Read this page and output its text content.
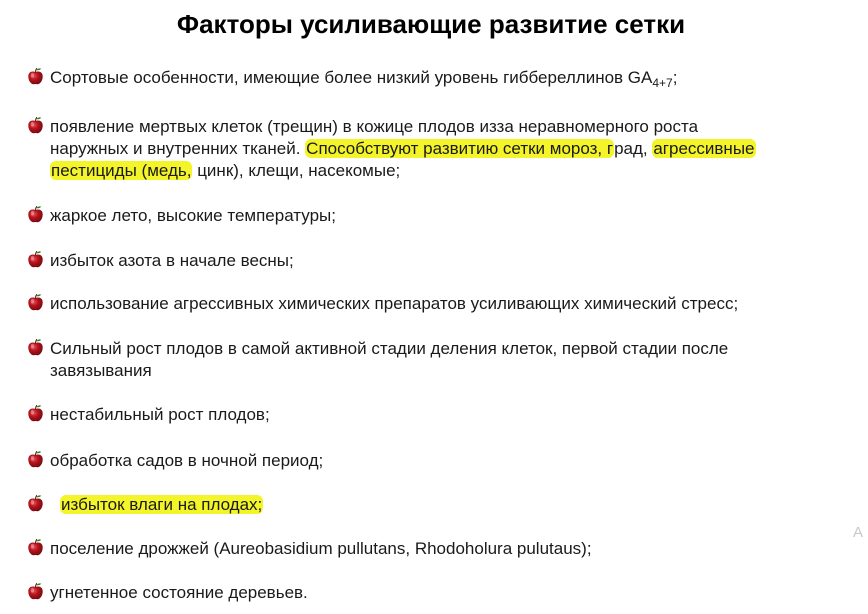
Факторы усиливающие развитие сетки
Сортовые особенности, имеющие более низкий уровень гиббереллинов $GA_{4+7}$;
появление мертвых клеток (трещин) в кожице плодов изза неравномерного роста
наружных и внутренних тканей. Способствуют развитию сетки мороз, град, агрессивные
пестициды (медь, цинк), клещи, насекомые;
жаркое лето, высокие температуры;
избыток азота в начале весны;
использование агрессивных химических препаратов усиливающих химический стресс;
Сильный рост плодов в самой активной стадии деления клеток, первой стадии после
завязывания
нестабильный рост плодов;
обработка садов в ночной период;
избыток влаги на плодах;
поселение дрожжей (Aureobasidium pullutans, Rhodoholura pulutaus);
угнетенное состояние деревьев.
A
